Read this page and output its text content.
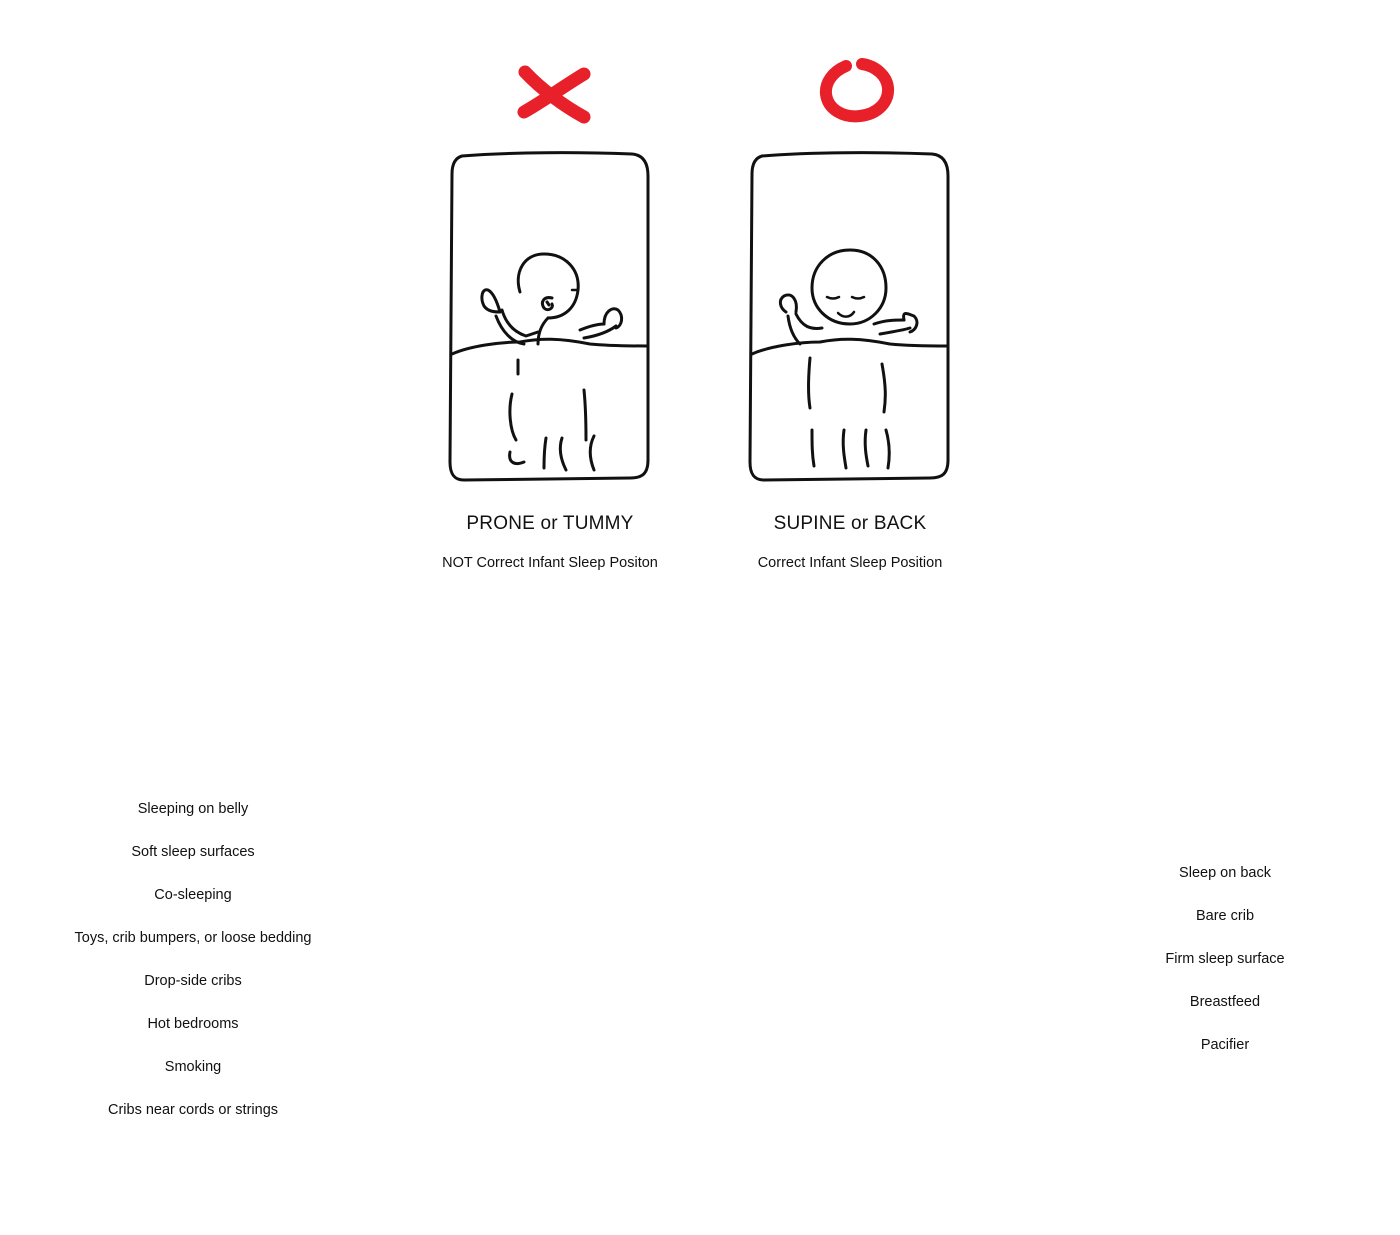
PRONE or TUMMY
NOT Correct Infant Sleep Positon
SUPINE or BACK
Correct Infant Sleep Position
Sleeping on belly
Soft sleep surfaces
Co-sleeping
Toys, crib bumpers, or loose bedding
Drop-side cribs
Hot bedrooms
Smoking
Cribs near cords or strings
Sleep on back
Bare crib
Firm sleep surface
Breastfeed
Pacifier
